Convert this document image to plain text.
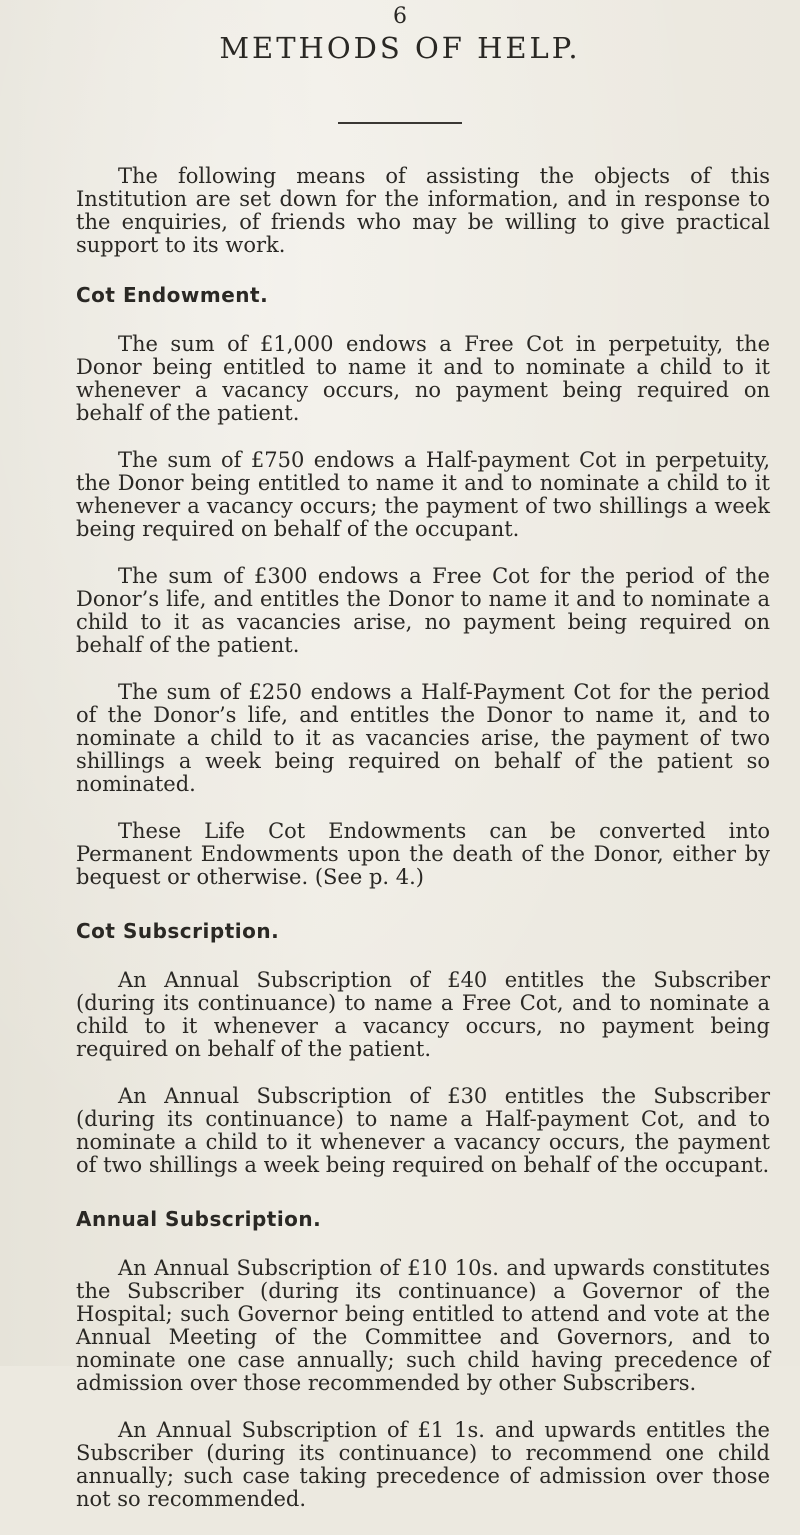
6
METHODS OF HELP.

The following means of assisting the objects of this Institution are set down for the information, and in response to the enquiries, of friends who may be willing to give practical support to its work.

Cot Endowment.

The sum of £1,000 endows a Free Cot in perpetuity, the Donor being entitled to name it and to nominate a child to it whenever a vacancy occurs, no payment being required on behalf of the patient.

The sum of £750 endows a Half-payment Cot in perpetuity, the Donor being entitled to name it and to nominate a child to it whenever a vacancy occurs; the payment of two shillings a week being required on behalf of the occupant.

The sum of £300 endows a Free Cot for the period of the Donor’s life, and entitles the Donor to name it and to nominate a child to it as vacancies arise, no payment being required on behalf of the patient.

The sum of £250 endows a Half-Payment Cot for the period of the Donor’s life, and entitles the Donor to name it, and to nominate a child to it as vacancies arise, the payment of two shillings a week being required on behalf of the patient so nominated.

These Life Cot Endowments can be converted into Permanent Endowments upon the death of the Donor, either by bequest or otherwise. (See p. 4.)

Cot Subscription.

An Annual Subscription of £40 entitles the Subscriber (during its continuance) to name a Free Cot, and to nominate a child to it whenever a vacancy occurs, no payment being required on behalf of the patient.

An Annual Subscription of £30 entitles the Subscriber (during its continuance) to name a Half-payment Cot, and to nominate a child to it whenever a vacancy occurs, the payment of two shillings a week being required on behalf of the occupant.

Annual Subscription.

An Annual Subscription of £10 10s. and upwards constitutes the Subscriber (during its continuance) a Governor of the Hospital; such Governor being entitled to attend and vote at the Annual Meeting of the Committee and Governors, and to nominate one case annually; such child having precedence of admission over those recommended by other Subscribers.

An Annual Subscription of £1 1s. and upwards entitles the Subscriber (during its continuance) to recommend one child annually; such case taking precedence of admission over those not so recommended.
